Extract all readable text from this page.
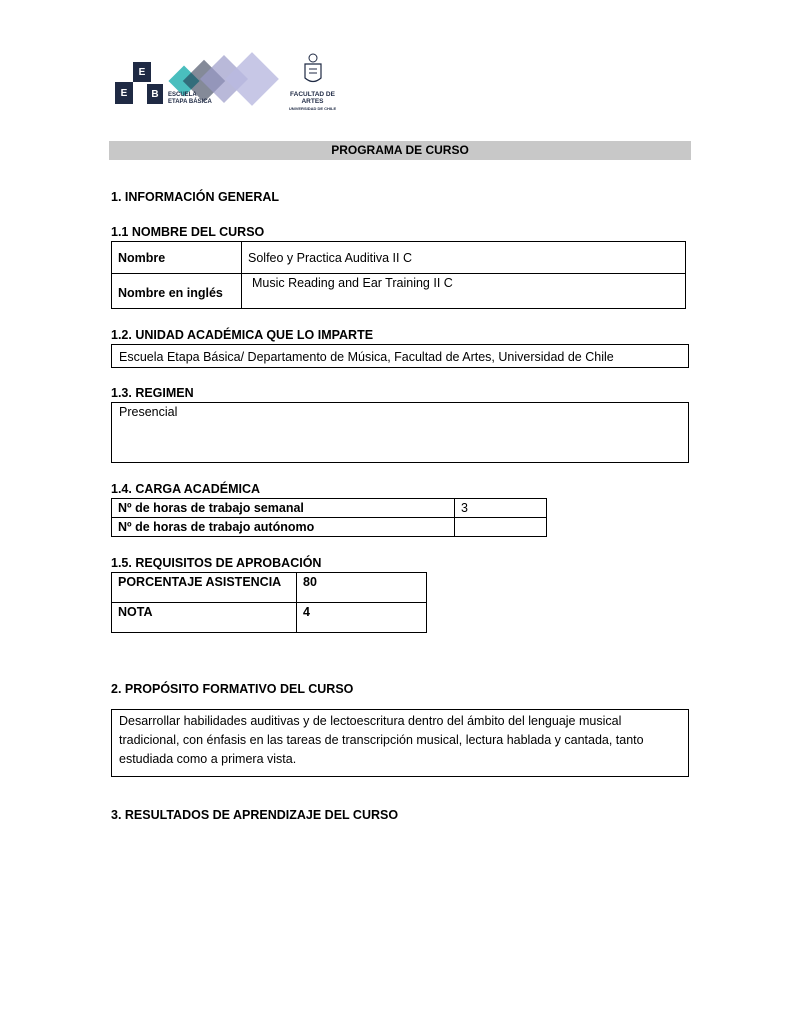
E
E	B	ESCUELA
ETAPA BÁSICA
FACULTAD DE ARTES
UNIVERSIDAD DE CHILE
PROGRAMA DE CURSO
1. INFORMACIÓN GENERAL
1.1 NOMBRE DEL CURSO
Nombre	Solfeo y Practica Auditiva II C
Nombre en inglés	Music Reading and Ear Training II C
1.2. UNIDAD ACADÉMICA QUE LO IMPARTE
Escuela Etapa Básica/ Departamento de Música, Facultad de Artes, Universidad de Chile
1.3. REGIMEN
Presencial
1.4. CARGA ACADÉMICA
Nº de horas de trabajo semanal	3
Nº de horas de trabajo autónomo	
1.5. REQUISITOS DE APROBACIÓN
PORCENTAJE ASISTENCIA	80
NOTA	4
2. PROPÓSITO FORMATIVO DEL CURSO
Desarrollar habilidades auditivas y de lectoescritura dentro del ámbito del lenguaje musical
tradicional, con énfasis en las tareas de transcripción musical, lectura hablada y cantada, tanto
estudiada como a primera vista.
3. RESULTADOS DE APRENDIZAJE DEL CURSO
